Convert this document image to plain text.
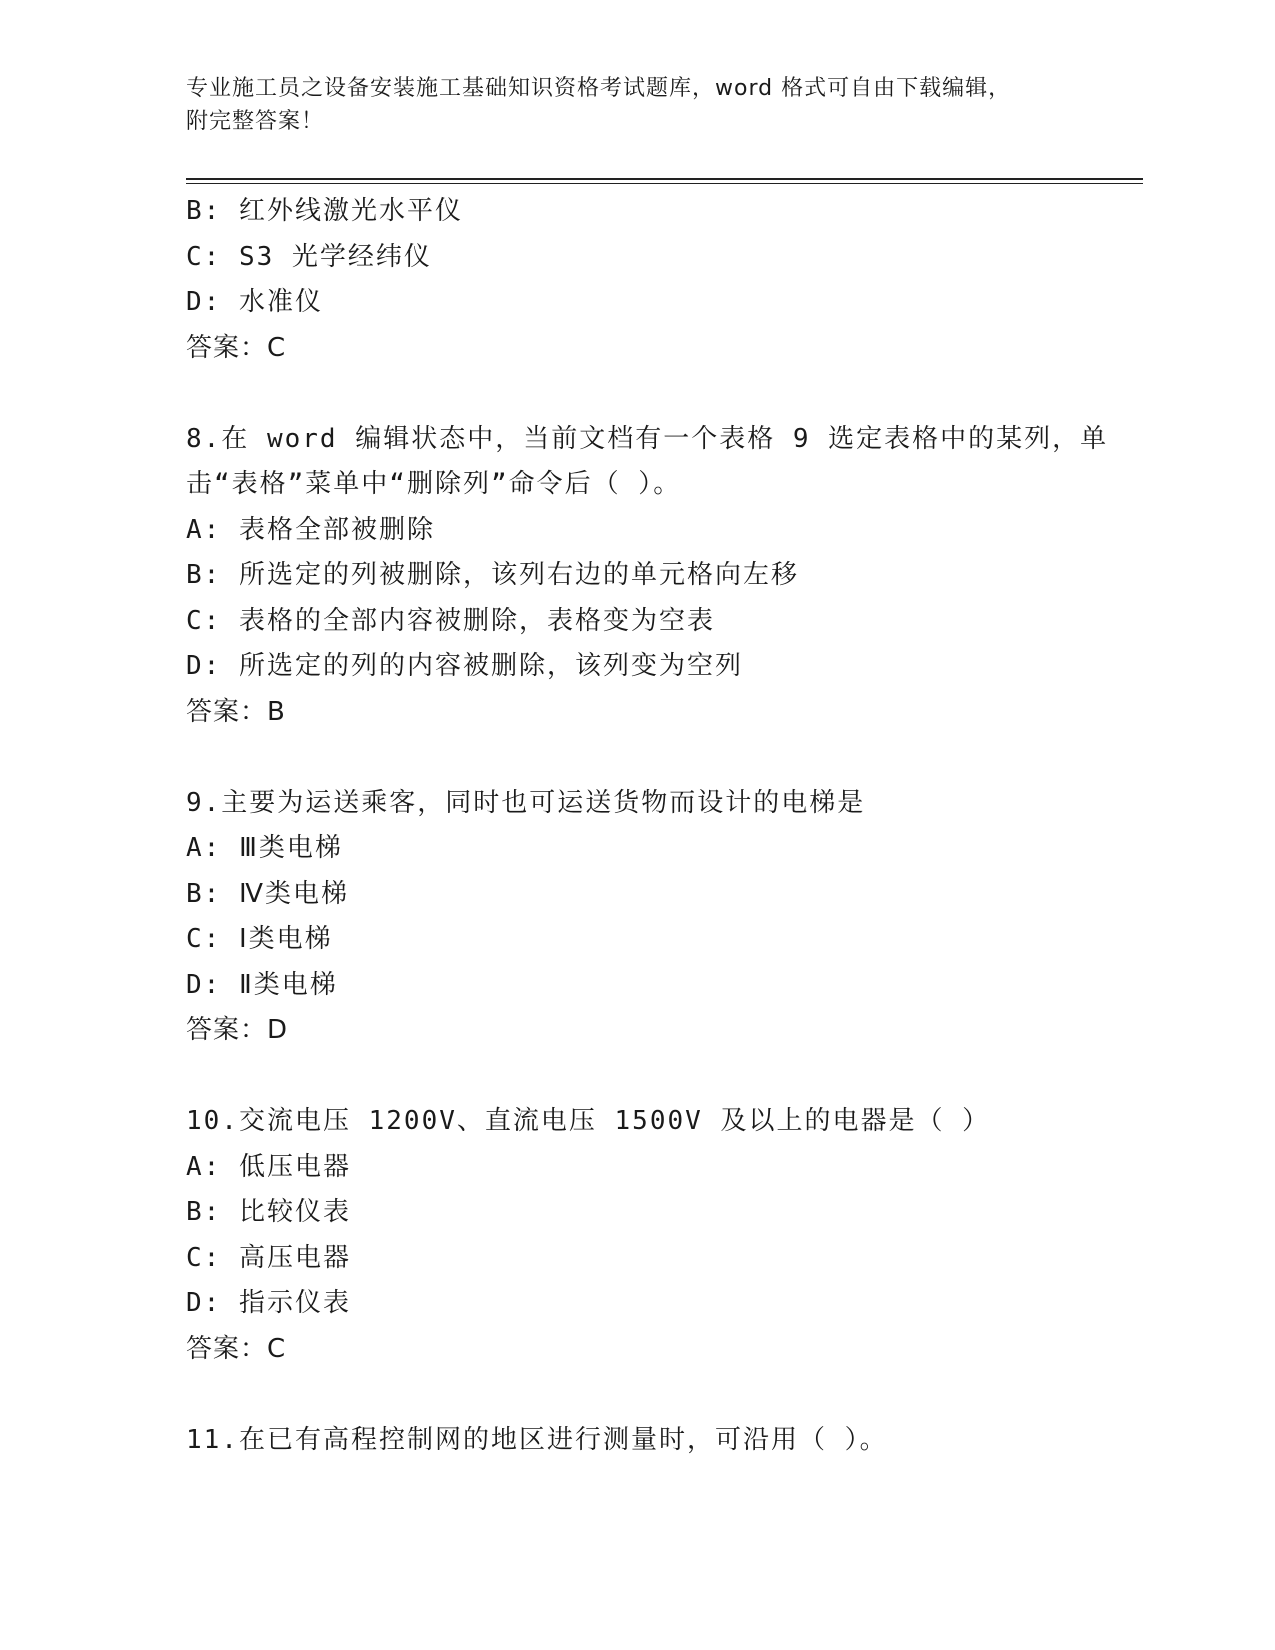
专业施工员之设备安装施工基础知识资格考试题库，word 格式可自由下载编辑，
附完整答案！
B: 红外线激光水平仪
C: S3 光学经纬仪
D: 水准仪
答案：C
8.在 word 编辑状态中，当前文档有一个表格 9 选定表格中的某列，单
击“表格”菜单中“删除列”命令后（ ）。
A: 表格全部被删除
B: 所选定的列被删除，该列右边的单元格向左移
C: 表格的全部内容被删除，表格变为空表
D: 所选定的列的内容被删除，该列变为空列
答案：B
9.主要为运送乘客，同时也可运送货物而设计的电梯是
A: Ⅲ类电梯
B: Ⅳ类电梯
C: Ⅰ类电梯
D: Ⅱ类电梯
答案：D
10.交流电压 1200V、直流电压 1500V 及以上的电器是（ ）
A: 低压电器
B: 比较仪表
C: 高压电器
D: 指示仪表
答案：C
11.在已有高程控制网的地区进行测量时，可沿用（ ）。
